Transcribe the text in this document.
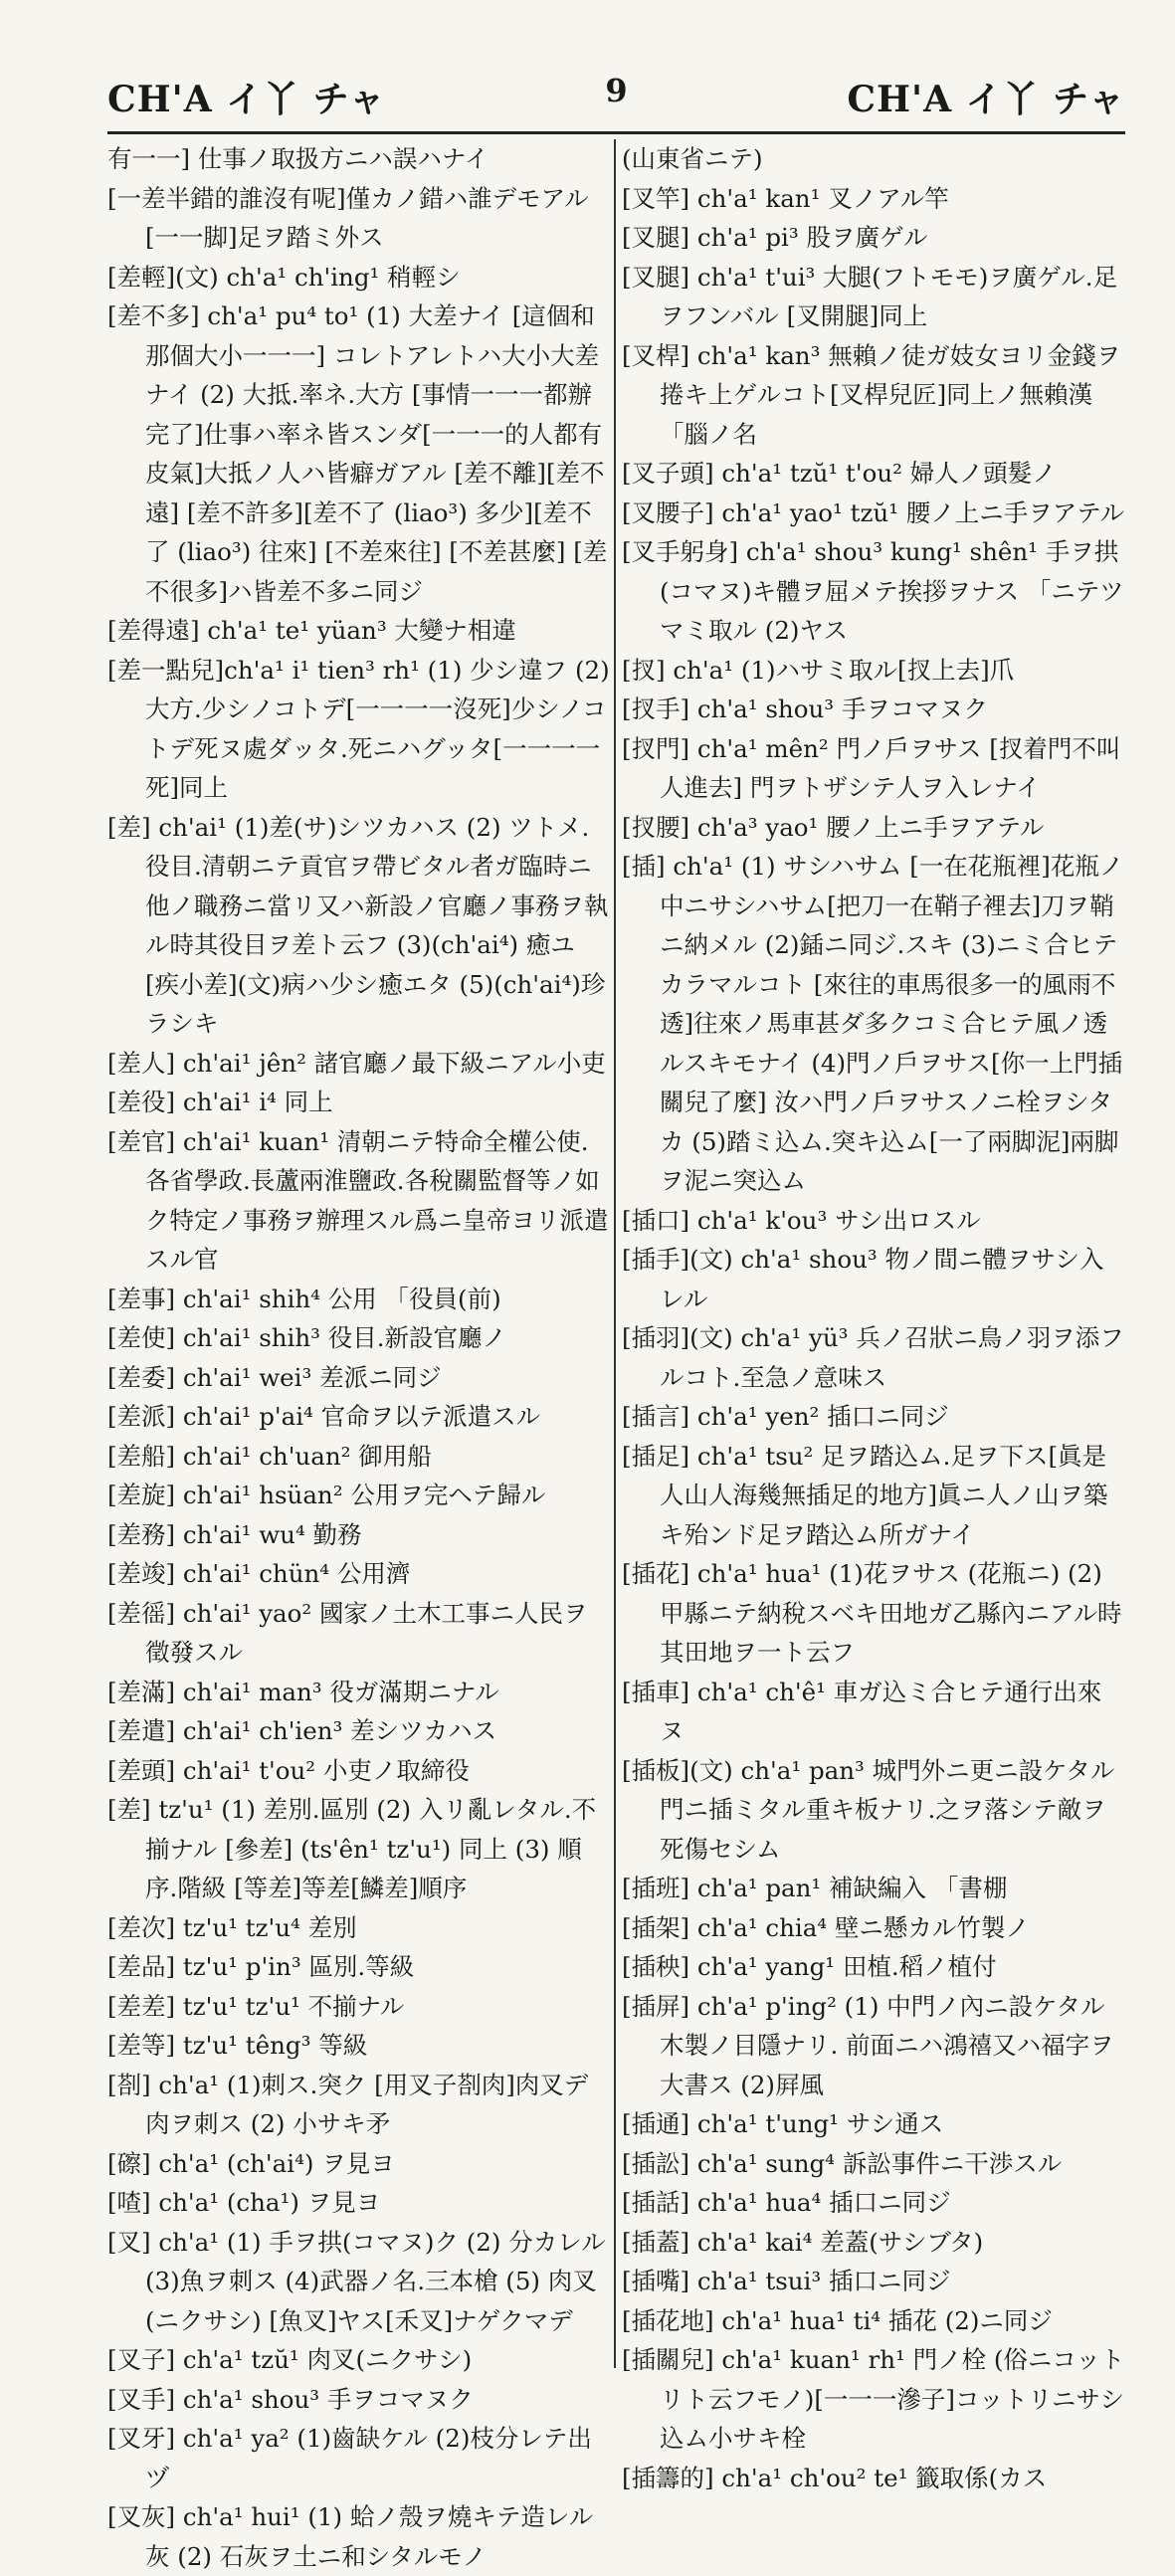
CH'A イ丫 チャ	9	CH'A イ丫 チャ

有一一] 仕事ノ取扱方ニハ誤ハナイ

[一差半錯的誰沒有呢]僅カノ錯ハ誰デモアル[一一脚]足ヲ踏ミ外ス

[差輕](文) ch'a¹ ch'ing¹ 稍輕シ

[差不多] ch'a¹ pu⁴ to¹ (1) 大差ナイ [這個和那個大小一一一] コレトアレトハ大小大差ナイ (2) 大抵.率ネ.大方 [事情一一一都辦完了]仕事ハ率ネ皆スンダ[一一一的人都有皮氣]大抵ノ人ハ皆癖ガアル [差不離][差不遠] [差不許多][差不了 (liao³) 多少][差不了 (liao³) 往來] [不差來往] [不差甚麼] [差不很多]ハ皆差不多ニ同ジ

[差得遠] ch'a¹ te¹ yüan³ 大變ナ相違

[差一點兒]ch'a¹ i¹ tien³ rh¹ (1) 少シ違フ (2) 大方.少シノコトデ[一一一一沒死]少シノコトデ死ヌ處ダッタ.死ニハグッタ[一一一一死]同上

[差] ch'ai¹ (1)差(サ)シツカハス (2) ツトメ.役目.清朝ニテ貢官ヲ帶ビタル者ガ臨時ニ他ノ職務ニ當リ又ハ新設ノ官廳ノ事務ヲ執ル時其役目ヲ差ト云フ (3)(ch'ai⁴) 癒ユ [疾小差](文)病ハ少シ癒エタ (5)(ch'ai⁴)珍ラシキ

[差人] ch'ai¹ jên² 諸官廳ノ最下級ニアル小吏

[差役] ch'ai¹ i⁴ 同上

[差官] ch'ai¹ kuan¹ 清朝ニテ特命全權公使.各省學政.長蘆兩淮鹽政.各稅關監督等ノ如ク特定ノ事務ヲ辦理スル爲ニ皇帝ヨリ派遣スル官

[差事] ch'ai¹ shih⁴ 公用 「役員(前)

[差使] ch'ai¹ shih³ 役目.新設官廳ノ

[差委] ch'ai¹ wei³ 差派ニ同ジ

[差派] ch'ai¹ p'ai⁴ 官命ヲ以テ派遣スル

[差船] ch'ai¹ ch'uan² 御用船

[差旋] ch'ai¹ hsüan² 公用ヲ完ヘテ歸ル

[差務] ch'ai¹ wu⁴ 勤務

[差竣] ch'ai¹ chün⁴ 公用濟

[差徭] ch'ai¹ yao² 國家ノ土木工事ニ人民ヲ徵發スル

[差滿] ch'ai¹ man³ 役ガ滿期ニナル

[差遣] ch'ai¹ ch'ien³ 差シツカハス

[差頭] ch'ai¹ t'ou² 小吏ノ取締役

[差] tz'u¹ (1) 差別.區別 (2) 入リ亂レタル.不揃ナル [參差] (ts'ên¹ tz'u¹) 同上 (3) 順序.階級 [等差]等差[鱗差]順序

[差次] tz'u¹ tz'u⁴ 差別

[差品] tz'u¹ p'in³ 區別.等級

[差差] tz'u¹ tz'u¹ 不揃ナル

[差等] tz'u¹ têng³ 等級

[剳] ch'a¹ (1)刺ス.突ク [用叉子剳肉]肉叉デ肉ヲ刺ス (2) 小サキ矛

[䃰] ch'a¹ (ch'ai⁴) ヲ見ヨ

[喳] ch'a¹ (cha¹) ヲ見ヨ

[叉] ch'a¹ (1) 手ヲ拱(コマヌ)ク (2) 分カレル (3)魚ヲ刺ス (4)武器ノ名.三本槍 (5) 肉叉(ニクサシ) [魚叉]ヤス[禾叉]ナゲクマデ

[叉子] ch'a¹ tzŭ¹ 肉叉(ニクサシ)

[叉手] ch'a¹ shou³ 手ヲコマヌク

[叉牙] ch'a¹ ya² (1)齒缺ケル (2)枝分レテ出ヅ

[叉灰] ch'a¹ hui¹ (1) 蛤ノ殼ヲ燒キテ造レル灰 (2) 石灰ヲ土ニ和シタルモノ

(山東省ニテ)

[叉竿] ch'a¹ kan¹ 叉ノアル竿

[叉腿] ch'a¹ pi³ 股ヲ廣ゲル

[叉腿] ch'a¹ t'ui³ 大腿(フトモモ)ヲ廣ゲル.足ヲフンバル [叉開腿]同上

[叉桿] ch'a¹ kan³ 無賴ノ徒ガ妓女ヨリ金錢ヲ捲キ上ゲルコト[叉桿兒匠]同上ノ無賴漢 「腦ノ名

[叉子頭] ch'a¹ tzŭ¹ t'ou² 婦人ノ頭髮ノ

[叉腰子] ch'a¹ yao¹ tzŭ¹ 腰ノ上ニ手ヲアテル

[叉手躬身] ch'a¹ shou³ kung¹ shên¹ 手ヲ拱(コマヌ)キ體ヲ屈メテ挨拶ヲナス 「ニテツマミ取ル (2)ヤス

[扠] ch'a¹ (1)ハサミ取ル[扠上去]爪

[扠手] ch'a¹ shou³ 手ヲコマヌク

[扠門] ch'a¹ mên² 門ノ戶ヲサス [扠着門不叫人進去] 門ヲトザシテ人ヲ入レナイ

[扠腰] ch'a³ yao¹ 腰ノ上ニ手ヲアテル

[插] ch'a¹ (1) サシハサム [一在花瓶裡]花瓶ノ中ニサシハサム[把刀一在鞘子裡去]刀ヲ鞘ニ納メル (2)鍤ニ同ジ.スキ (3)ニミ合ヒテカラマルコト [來往的車馬很多一的風雨不透]往來ノ馬車甚ダ多クコミ合ヒテ風ノ透ルスキモナイ (4)門ノ戶ヲサス[你一上門插關兒了麼] 汝ハ門ノ戶ヲサスノニ栓ヲシタカ (5)踏ミ込ム.突キ込ム[一了兩脚泥]兩脚ヲ泥ニ突込ム

[插口] ch'a¹ k'ou³ サシ出ロスル

[插手](文) ch'a¹ shou³ 物ノ間ニ體ヲサシ入レル

[插羽](文) ch'a¹ yü³ 兵ノ召狀ニ鳥ノ羽ヲ添フルコト.至急ノ意味ス

[插言] ch'a¹ yen² 插口ニ同ジ

[插足] ch'a¹ tsu² 足ヲ踏込ム.足ヲ下ス[眞是人山人海幾無插足的地方]眞ニ人ノ山ヲ築キ殆ンド足ヲ踏込ム所ガナイ

[插花] ch'a¹ hua¹ (1)花ヲサス (花瓶ニ) (2)甲縣ニテ納稅スベキ田地ガ乙縣內ニアル時其田地ヲ一ト云フ

[插車] ch'a¹ ch'ê¹ 車ガ込ミ合ヒテ通行出來ヌ

[插板](文) ch'a¹ pan³ 城門外ニ更ニ設ケタル門ニ插ミタル重キ板ナリ.之ヲ落シテ敵ヲ死傷セシム

[插班] ch'a¹ pan¹ 補缺編入 「書棚

[插架] ch'a¹ chia⁴ 壁ニ懸カル竹製ノ

[插秧] ch'a¹ yang¹ 田植.稻ノ植付

[插屏] ch'a¹ p'ing² (1) 中門ノ內ニ設ケタル木製ノ目隱ナリ. 前面ニハ鴻禧又ハ福字ヲ大書ス (2)屛風

[插通] ch'a¹ t'ung¹ サシ通ス

[插訟] ch'a¹ sung⁴ 訴訟事件ニ干渉スル

[插話] ch'a¹ hua⁴ 插口ニ同ジ

[插蓋] ch'a¹ kai⁴ 差蓋(サシブタ)

[插嘴] ch'a¹ tsui³ 插口ニ同ジ

[插花地] ch'a¹ hua¹ ti⁴ 插花 (2)ニ同ジ

[插關兒] ch'a¹ kuan¹ rh¹ 門ノ栓 (俗ニコットリト云フモノ)[一一一滲子]コットリニサシ込ム小サキ栓

[插籌的] ch'a¹ ch'ou² te¹ 籤取係(カス
